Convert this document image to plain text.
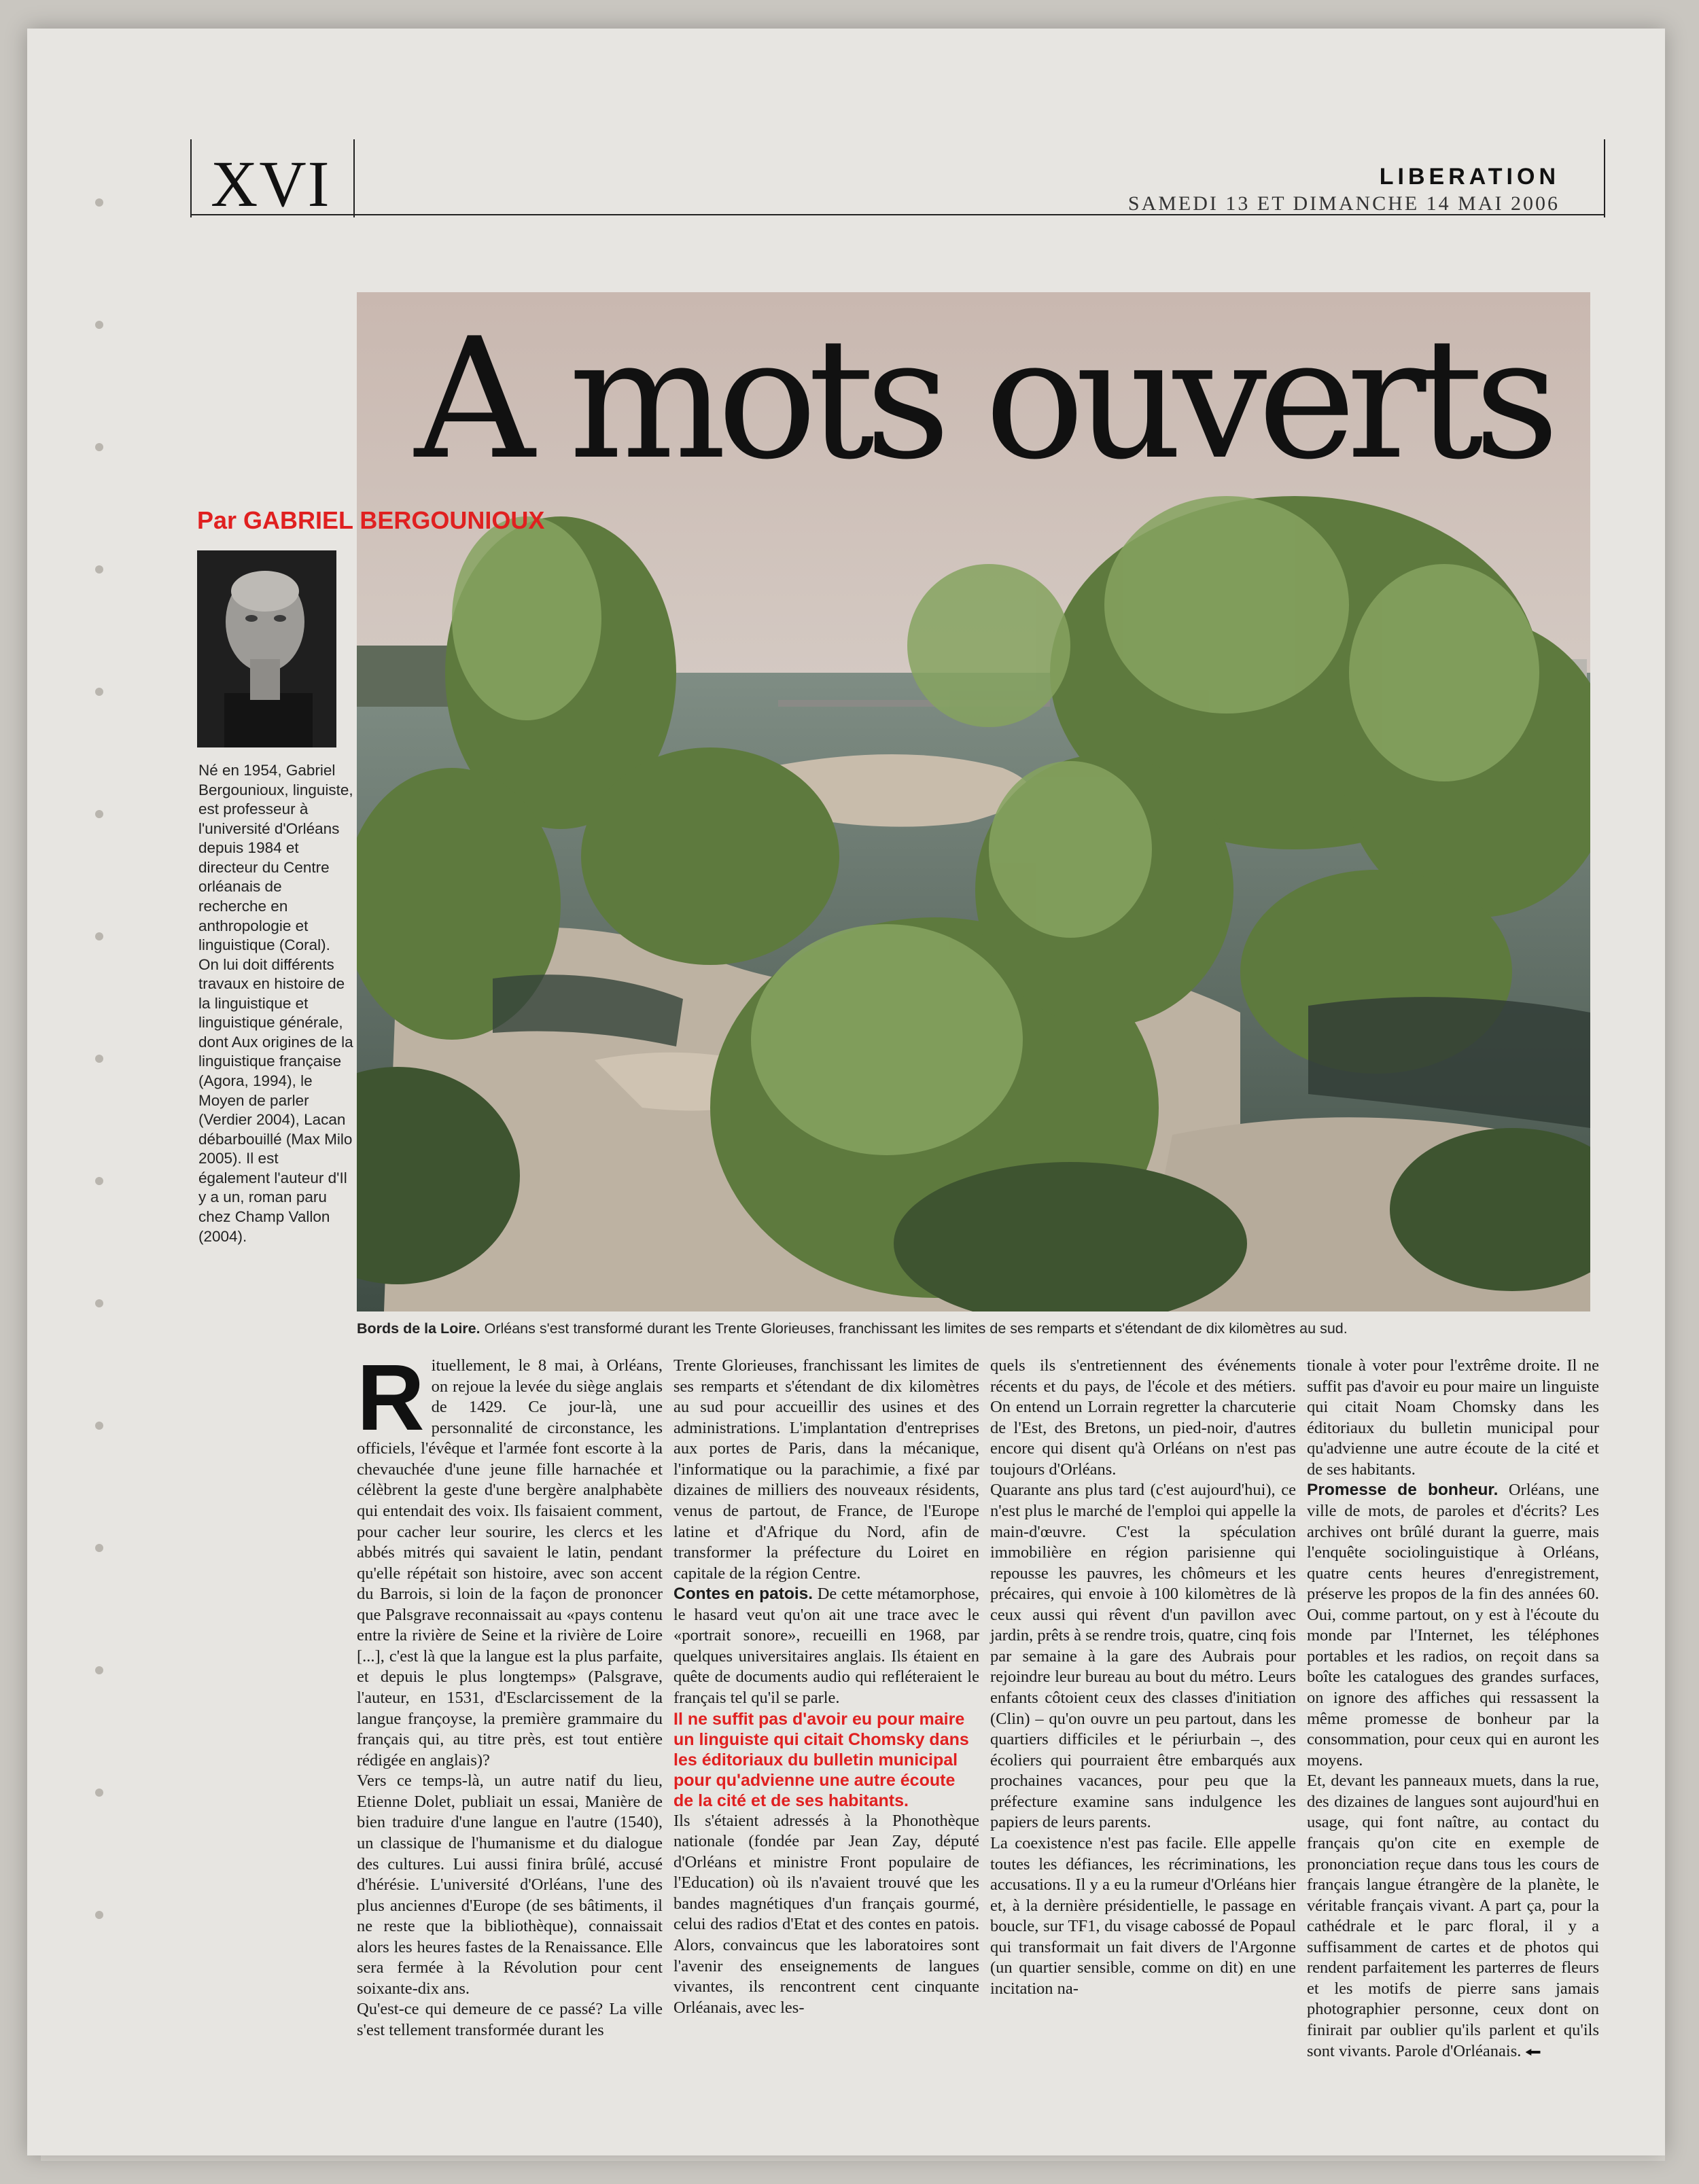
XVI	LIBERATION
SAMEDI 13 ET DIMANCHE 14 MAI 2006
A mots ouverts
Par GABRIEL BERGOUNIOUX
Né en 1954, Gabriel Bergounioux, linguiste, est professeur à l'université d'Orléans depuis 1984 et directeur du Centre orléanais de recherche en anthropologie et linguistique (Coral). On lui doit différents travaux en histoire de la linguistique et linguistique générale, dont Aux origines de la linguistique française (Agora, 1994), le Moyen de parler (Verdier 2004), Lacan débarbouillé (Max Milo 2005). Il est également l'auteur d'Il y a un, roman paru chez Champ Vallon (2004).
Bords de la Loire. Orléans s'est transformé durant les Trente Glorieuses, franchissant les limites de ses remparts et s'étendant de dix kilomètres au sud.

Rituellement, le 8 mai, à Orléans, on rejoue la levée du siège anglais de 1429. Ce jour-là, une personnalité de circonstance, les officiels, l'évêque et l'armée font escorte à la chevauchée d'une jeune fille harnachée et célèbrent la geste d'une bergère analphabète qui entendait des voix. Ils faisaient comment, pour cacher leur sourire, les clercs et les abbés mitrés qui savaient le latin, pendant qu'elle répétait son histoire, avec son accent du Barrois, si loin de la façon de prononcer que Palsgrave reconnaissait au «pays contenu entre la rivière de Seine et la rivière de Loire [...], c'est là que la langue est la plus parfaite, et depuis le plus longtemps» (Palsgrave, l'auteur, en 1531, d'Esclarcissement de la langue françoyse, la première grammaire du français qui, au titre près, est tout entière rédigée en anglais)?

Vers ce temps-là, un autre natif du lieu, Etienne Dolet, publiait un essai, Manière de bien traduire d'une langue en l'autre (1540), un classique de l'humanisme et du dialogue des cultures. Lui aussi finira brûlé, accusé d'hérésie. L'université d'Orléans, l'une des plus anciennes d'Europe (de ses bâtiments, il ne reste que la bibliothèque), connaissait alors les heures fastes de la Renaissance. Elle sera fermée à la Révolution pour cent soixante-dix ans.

Qu'est-ce qui demeure de ce passé? La ville s'est tellement transformée durant les

Trente Glorieuses, franchissant les limites de ses remparts et s'étendant de dix kilomètres au sud pour accueillir des usines et des administrations. L'implantation d'entreprises aux portes de Paris, dans la mécanique, l'informatique ou la parachimie, a fixé par dizaines de milliers des nouveaux résidents, venus de partout, de France, de l'Europe latine et d'Afrique du Nord, afin de transformer la préfecture du Loiret en capitale de la région Centre.

Contes en patois. De cette métamorphose, le hasard veut qu'on ait une trace avec le «portrait sonore», recueilli en 1968, par quelques universitaires anglais. Ils étaient en quête de documents audio qui refléteraient le français tel qu'il se parle.

Il ne suffit pas d'avoir eu pour maire un linguiste qui citait Chomsky dans les éditoriaux du bulletin municipal pour qu'advienne une autre écoute de la cité et de ses habitants.

Ils s'étaient adressés à la Phonothèque nationale (fondée par Jean Zay, député d'Orléans et ministre Front populaire de l'Education) où ils n'avaient trouvé que les bandes magnétiques d'un français gourmé, celui des radios d'Etat et des contes en patois. Alors, convaincus que les laboratoires sont l'avenir des enseignements de langues vivantes, ils rencontrent cent cinquante Orléanais, avec les-

quels ils s'entretiennent des événements récents et du pays, de l'école et des métiers. On entend un Lorrain regretter la charcuterie de l'Est, des Bretons, un pied-noir, d'autres encore qui disent qu'à Orléans on n'est pas toujours d'Orléans.

Quarante ans plus tard (c'est aujourd'hui), ce n'est plus le marché de l'emploi qui appelle la main-d'œuvre. C'est la spéculation immobilière en région parisienne qui repousse les pauvres, les chômeurs et les précaires, qui envoie à 100 kilomètres de là ceux aussi qui rêvent d'un pavillon avec jardin, prêts à se rendre trois, quatre, cinq fois par semaine à la gare des Aubrais pour rejoindre leur bureau au bout du métro. Leurs enfants côtoient ceux des classes d'initiation (Clin) – qu'on ouvre un peu partout, dans les quartiers difficiles et le périurbain –, des écoliers qui pourraient être embarqués aux prochaines vacances, pour peu que la préfecture examine sans indulgence les papiers de leurs parents.

La coexistence n'est pas facile. Elle appelle toutes les défiances, les récriminations, les accusations. Il y a eu la rumeur d'Orléans hier et, à la dernière présidentielle, le passage en boucle, sur TF1, du visage cabossé de Popaul qui transformait un fait divers de l'Argonne (un quartier sensible, comme on dit) en une incitation na-

tionale à voter pour l'extrême droite. Il ne suffit pas d'avoir eu pour maire un linguiste qui citait Noam Chomsky dans les éditoriaux du bulletin municipal pour qu'advienne une autre écoute de la cité et de ses habitants.

Promesse de bonheur. Orléans, une ville de mots, de paroles et d'écrits? Les archives ont brûlé durant la guerre, mais l'enquête sociolinguistique à Orléans, quatre cents heures d'enregistrement, préserve les propos de la fin des années 60. Oui, comme partout, on y est à l'écoute du monde par l'Internet, les téléphones portables et les radios, on reçoit dans sa boîte les catalogues des grandes surfaces, on ignore des affiches qui ressassent la même promesse de bonheur par la consommation, pour ceux qui en auront les moyens.

Et, devant les panneaux muets, dans la rue, des dizaines de langues sont aujourd'hui en usage, qui font naître, au contact du français qu'on cite en exemple de prononciation reçue dans tous les cours de français langue étrangère de la planète, le véritable français vivant. A part ça, pour la cathédrale et le parc floral, il y a suffisamment de cartes et de photos qui rendent parfaitement les parterres de fleurs et les motifs de pierre sans jamais photographier personne, ceux dont on finirait par oublier qu'ils parlent et qu'ils sont vivants. Parole d'Orléanais.
